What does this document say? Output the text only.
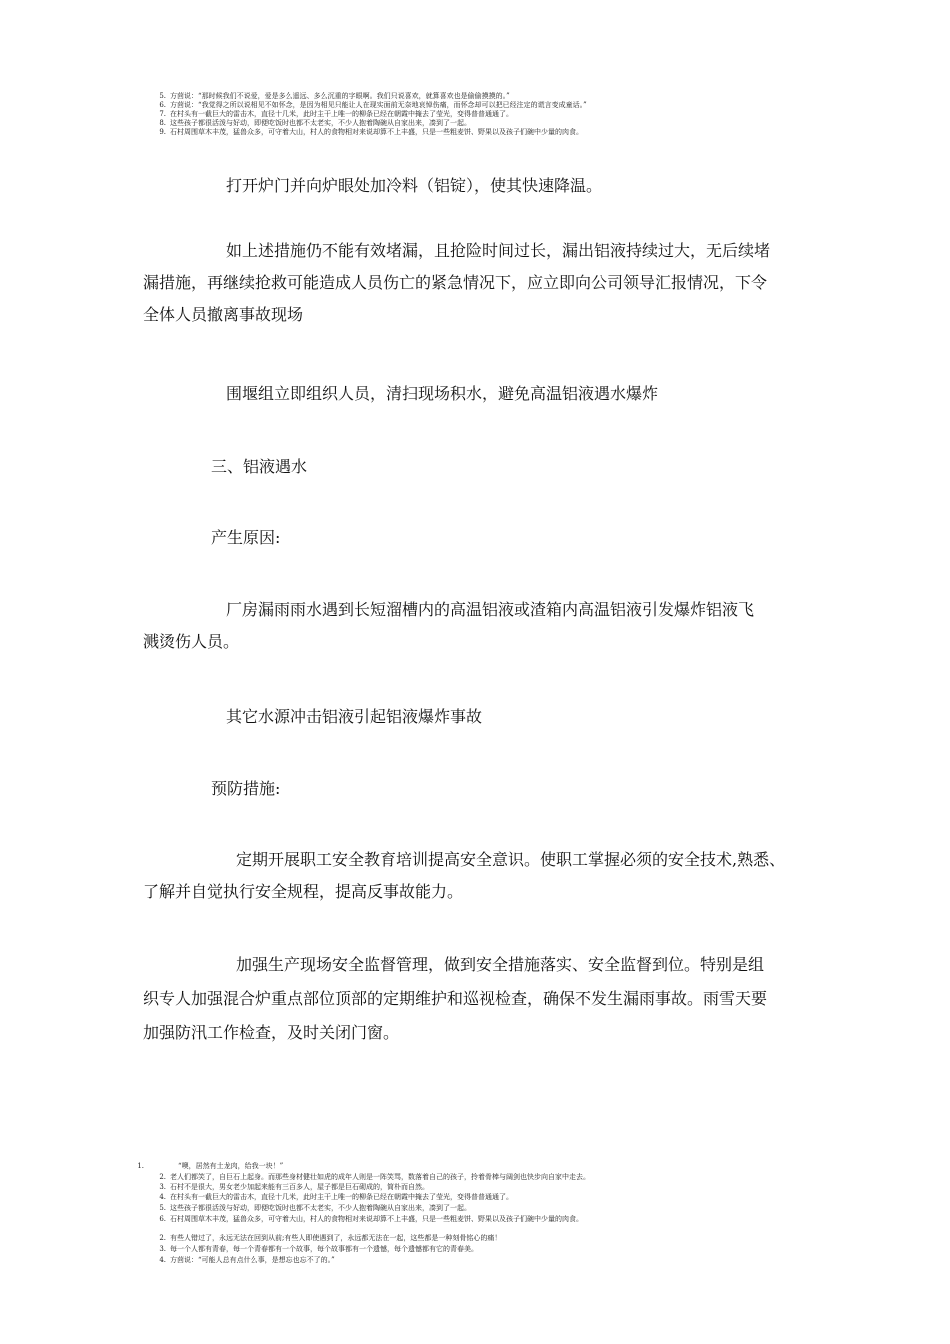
5. 方茴说：“那时候我们不说爱，爱是多么遥远、多么沉重的字眼啊。我们只说喜欢，就算喜欢也是偷偷摸摸的。”
6. 方茴说：“我觉得之所以说相见不如怀念，是因为相见只能让人在现实面前无奈地哀悼伤痛，而怀念却可以把已经注定的谎言变成童话。”
7. 在村头有一截巨大的雷击木，直径十几米，此时主干上唯一的柳条已经在朝霞中掩去了莹光，变得普普通通了。
8. 这些孩子都很活泼与好动，即便吃饭时也都不太老实，不少人抱着陶碗从自家出来，凑到了一起。
9. 石村周围草木丰茂，猛兽众多，可守着大山，村人的食物相对来说却算不上丰盛，只是一些粗麦饼、野果以及孩子们碗中少量的肉食。
打开炉门并向炉眼处加冷料（铝锭），使其快速降温。
如上述措施仍不能有效堵漏，且抢险时间过长，漏出铝液持续过大，无后续堵
漏措施，再继续抢救可能造成人员伤亡的紧急情况下，应立即向公司领导汇报情况，下令
全体人员撤离事故现场
围堰组立即组织人员，清扫现场积水，避免高温铝液遇水爆炸
三、铝液遇水
产生原因:
厂房漏雨雨水遇到长短溜槽内的高温铝液或渣箱内高温铝液引发爆炸铝液飞
溅烫伤人员。
其它水源冲击铝液引起铝液爆炸事故
预防措施:
定期开展职工安全教育培训提高安全意识。使职工掌握必须的安全技术,熟悉、
了解并自觉执行安全规程，提高反事故能力。
加强生产现场安全监督管理，做到安全措施落实、安全监督到位。特别是组
织专人加强混合炉重点部位顶部的定期维护和巡视检查，确保不发生漏雨事故。雨雪天要
加强防汛工作检查，及时关闭门窗。
1.	“噢，居然有土龙肉，给我一块！”
2. 老人们都笑了，自巨石上起身。而那些身材健壮如虎的成年人则是一阵笑骂，数落着自己的孩子，拎着骨棒与阔剑也快步向自家中走去。
3. 石村不是很大，男女老少加起来能有三百多人，屋子都是巨石砌成的，简朴而自然。
4. 在村头有一截巨大的雷击木，直径十几米，此时主干上唯一的柳条已经在朝霞中掩去了莹光，变得普普通通了。
5. 这些孩子都很活泼与好动，即便吃饭时也都不太老实，不少人抱着陶碗从自家出来，凑到了一起。
6. 石村周围草木丰茂，猛兽众多，可守着大山，村人的食物相对来说却算不上丰盛，只是一些粗麦饼、野果以及孩子们碗中少量的肉食。
2. 有些人错过了，永远无法在回到从前;有些人即使遇到了，永远都无法在一起，这些都是一种刻骨铭心的痛！
3. 每一个人都有青春，每一个青春都有一个故事，每个故事都有一个遗憾，每个遗憾都有它的青春美。
4. 方茴说：“可能人总有点什么事，是想忘也忘不了的。”
